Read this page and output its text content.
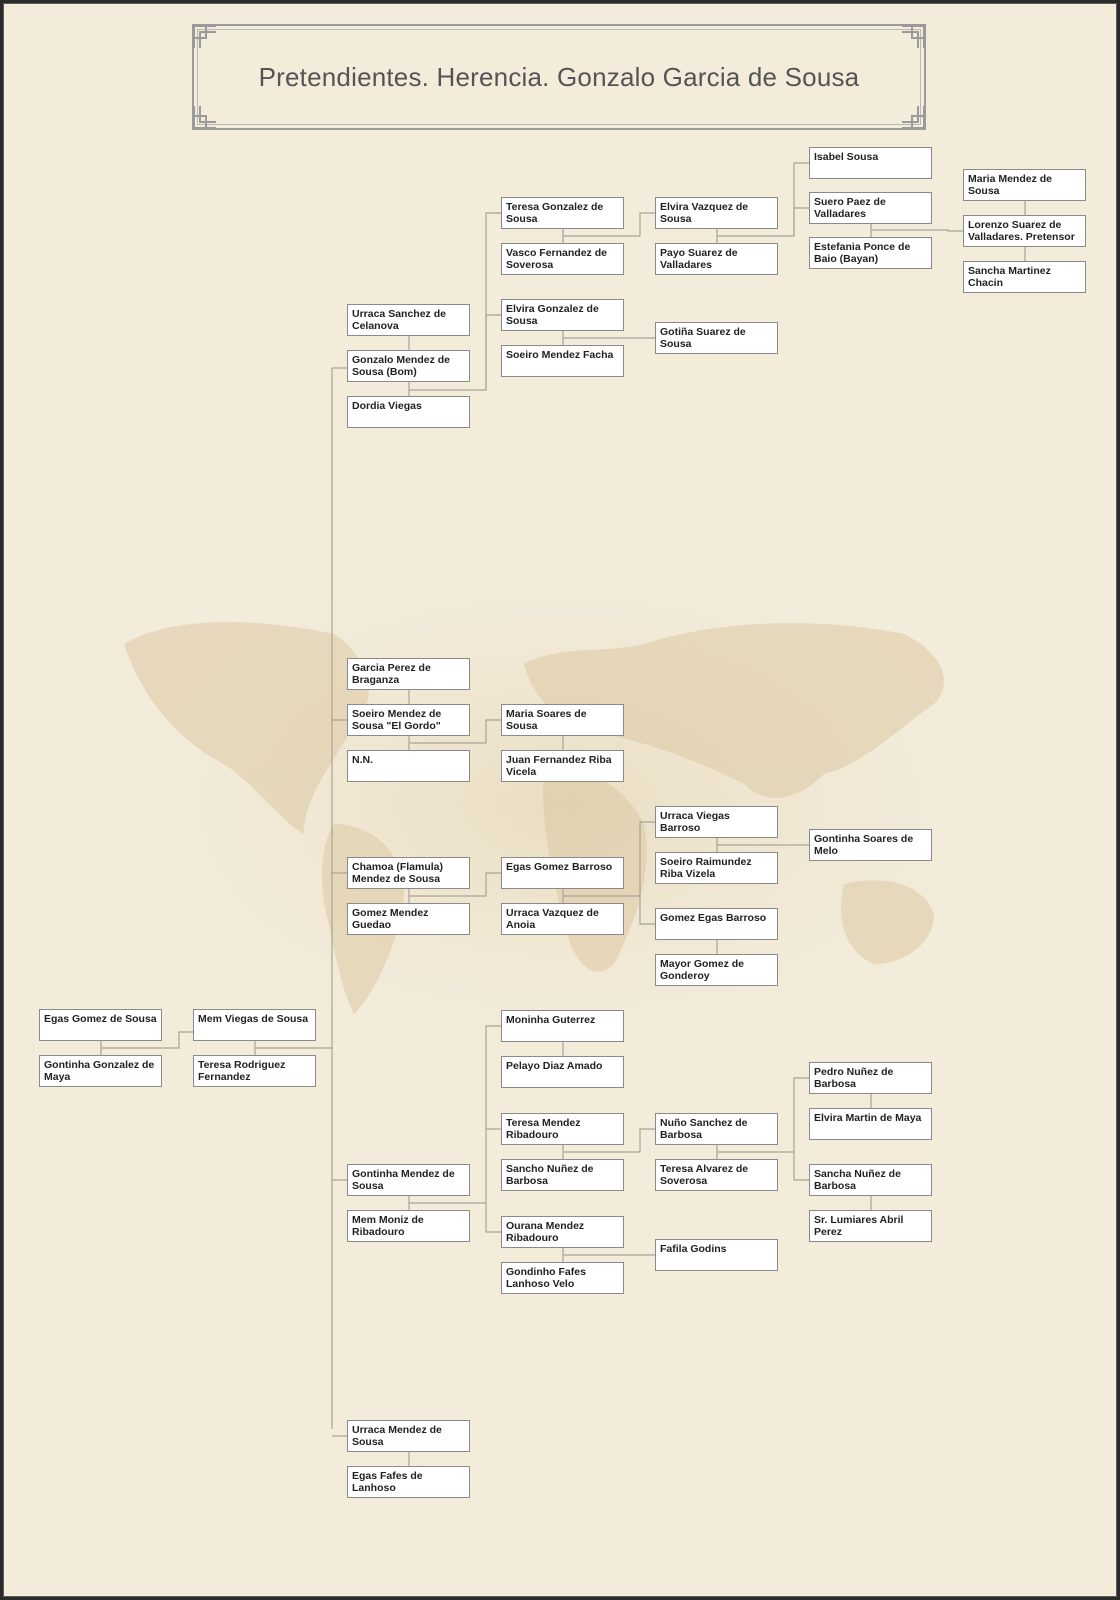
Pretendientes. Herencia. Gonzalo Garcia de Sousa
Egas Gomez de Sousa
Gontinha Gonzalez de Maya
Mem Viegas de Sousa
Teresa Rodriguez Fernandez
Urraca Sanchez de Celanova
Gonzalo Mendez de Sousa (Bom)
Dordia Viegas
Teresa Gonzalez de Sousa
Vasco Fernandez de Soverosa
Elvira Gonzalez de Sousa
Soeiro Mendez Facha
Elvira Vazquez de Sousa
Payo Suarez de Valladares
Gotiña Suarez de Sousa
Isabel Sousa
Suero Paez de Valladares
Estefania Ponce de Baio (Bayan)
Maria Mendez de Sousa
Lorenzo Suarez de Valladares. Pretensor
Sancha Martinez Chacin
Garcia Perez de Braganza
Soeiro Mendez de Sousa "El Gordo"
N.N.
Maria Soares de Sousa
Juan Fernandez Riba Vicela
Chamoa (Flamula) Mendez de Sousa
Gomez Mendez Guedao
Egas Gomez Barroso
Urraca Vazquez de Anoia
Urraca Viegas Barroso
Soeiro Raimundez Riba Vizela
Gontinha Soares de Melo
Gomez Egas Barroso
Mayor Gomez de Gonderoy
Moninha Guterrez
Pelayo Diaz Amado
Teresa Mendez Ribadouro
Sancho Nuñez de Barbosa
Ourana Mendez Ribadouro
Gondinho Fafes Lanhoso Velo
Nuño Sanchez de Barbosa
Teresa Alvarez de Soverosa
Fafila Godins
Pedro Nuñez de Barbosa
Elvira Martin de Maya
Sancha Nuñez de Barbosa
Sr. Lumiares Abril Perez
Gontinha Mendez de Sousa
Mem Moniz de Ribadouro
Urraca Mendez de Sousa
Egas Fafes de Lanhoso
